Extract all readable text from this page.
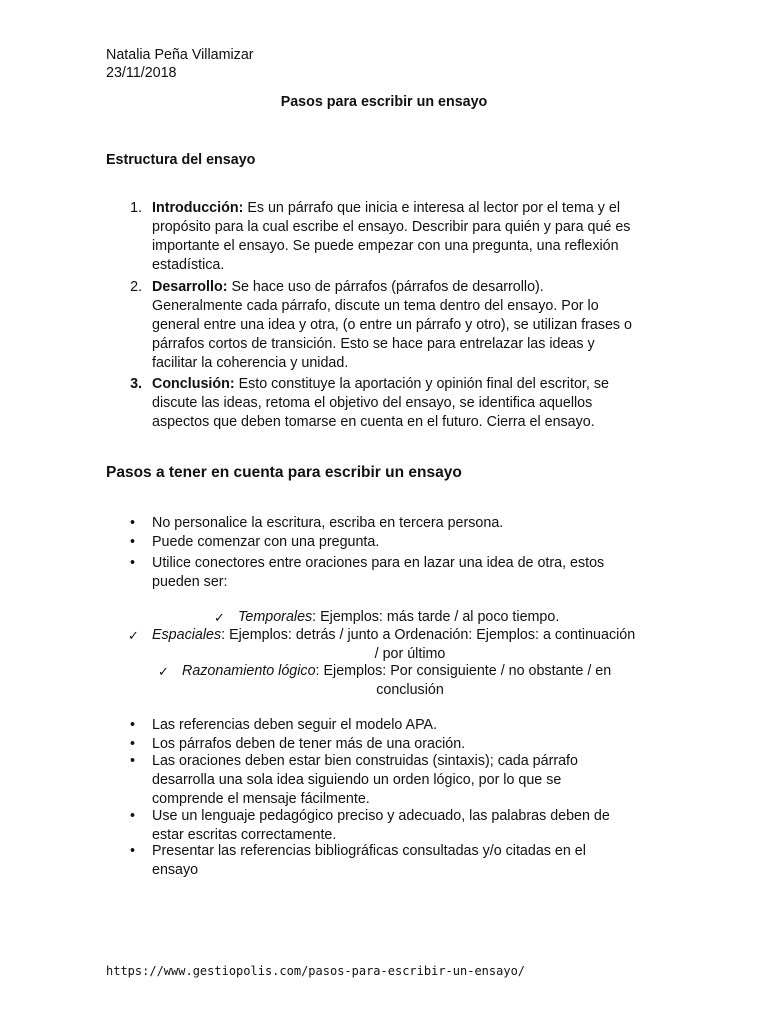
Natalia Peña Villamizar
23/11/2018
Pasos para escribir un ensayo
Estructura del ensayo
1. Introducción: Es un párrafo que inicia e interesa al lector por el tema y el
propósito para la cual escribe el ensayo. Describir para quién y para qué es
importante el ensayo. Se puede empezar con una pregunta, una reflexión
estadística.
2. Desarrollo: Se hace uso de párrafos (párrafos de desarrollo).
Generalmente cada párrafo, discute un tema dentro del ensayo. Por lo
general entre una idea y otra, (o entre un párrafo y otro), se utilizan frases o
párrafos cortos de transición. Esto se hace para entrelazar las ideas y
facilitar la coherencia y unidad.
3. Conclusión: Esto constituye la aportación y opinión final del escritor, se
discute las ideas, retoma el objetivo del ensayo, se identifica aquellos
aspectos que deben tomarse en cuenta en el futuro. Cierra el ensayo.
Pasos a tener en cuenta para escribir un ensayo
• No personalice la escritura, escriba en tercera persona.
• Puede comenzar con una pregunta.
• Utilice conectores entre oraciones para en lazar una idea de otra, estos
pueden ser:
✓ Temporales: Ejemplos: más tarde / al poco tiempo.
✓ Espaciales: Ejemplos: detrás / junto a Ordenación: Ejemplos: a continuación
/ por último
✓ Razonamiento lógico: Ejemplos: Por consiguiente / no obstante / en
conclusión
• Las referencias deben seguir el modelo APA.
• Los párrafos deben de tener más de una oración.
• Las oraciones deben estar bien construidas (sintaxis); cada párrafo
desarrolla una sola idea siguiendo un orden lógico, por lo que se
comprende el mensaje fácilmente.
• Use un lenguaje pedagógico preciso y adecuado, las palabras deben de
estar escritas correctamente.
• Presentar las referencias bibliográficas consultadas y/o citadas en el
ensayo
https://www.gestiopolis.com/pasos-para-escribir-un-ensayo/
